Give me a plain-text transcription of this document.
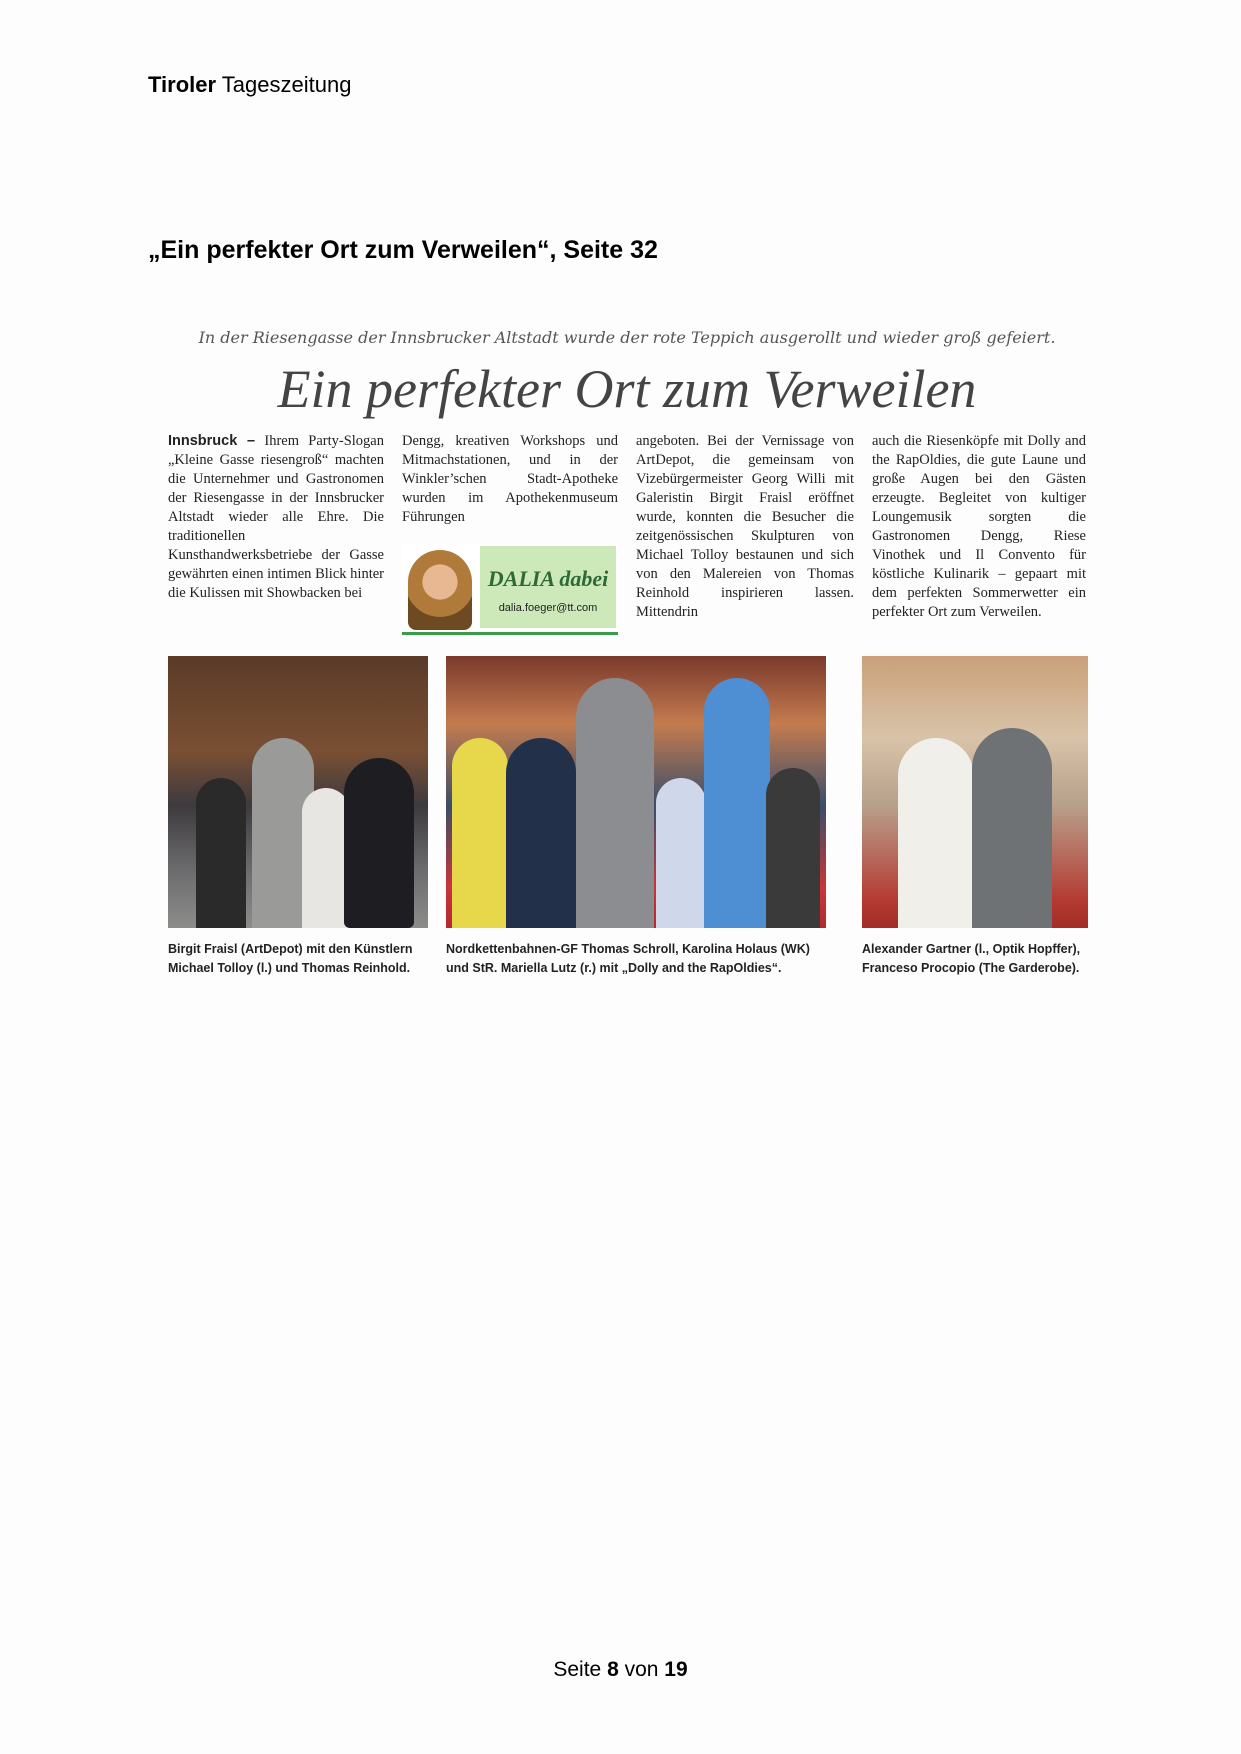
Tiroler Tageszeitung
„Ein perfekter Ort zum Verweilen“, Seite 32
In der Riesengasse der Innsbrucker Altstadt wurde der rote Teppich ausgerollt und wieder groß gefeiert.
Ein perfekter Ort zum Verweilen
Innsbruck – Ihrem Party-Slogan „Kleine Gasse riesengroß“ machten die Unternehmer und Gastronomen der Riesengasse in der Innsbrucker Altstadt wieder alle Ehre. Die traditionellen Kunsthandwerksbetriebe der Gasse gewährten einen intimen Blick hinter die Kulissen mit Showbacken bei
Dengg, kreativen Workshops und Mitmachstationen, und in der Winkler’schen Stadt-Apotheke wurden im Apothekenmuseum Führungen
angeboten. Bei der Vernissage von ArtDepot, die gemeinsam von Vizebürgermeister Georg Willi mit Galeristin Birgit Fraisl eröffnet wurde, konnten die Besucher die zeitgenössischen Skulpturen von Michael Tolloy bestaunen und sich von den Malereien von Thomas Reinhold inspirieren lassen. Mittendrin
auch die Riesenköpfe mit Dolly and the RapOldies, die gute Laune und große Augen bei den Gästen erzeugte. Begleitet von kultiger Loungemusik sorgten die Gastronomen Dengg, Riese Vinothek und Il Convento für köstliche Kulinarik – gepaart mit dem perfekten Sommerwetter ein perfekter Ort zum Verweilen.
DALIA dabei
dalia.foeger@tt.com
Birgit Fraisl (ArtDepot) mit den Künstlern Michael Tolloy (l.) und Thomas Reinhold.
Nordkettenbahnen-GF Thomas Schroll, Karolina Holaus (WK) und StR. Mariella Lutz (r.) mit „Dolly and the RapOldies“.
Alexander Gartner (l., Optik Hopffer), Franceso Procopio (The Garderobe).
Seite 8 von 19
